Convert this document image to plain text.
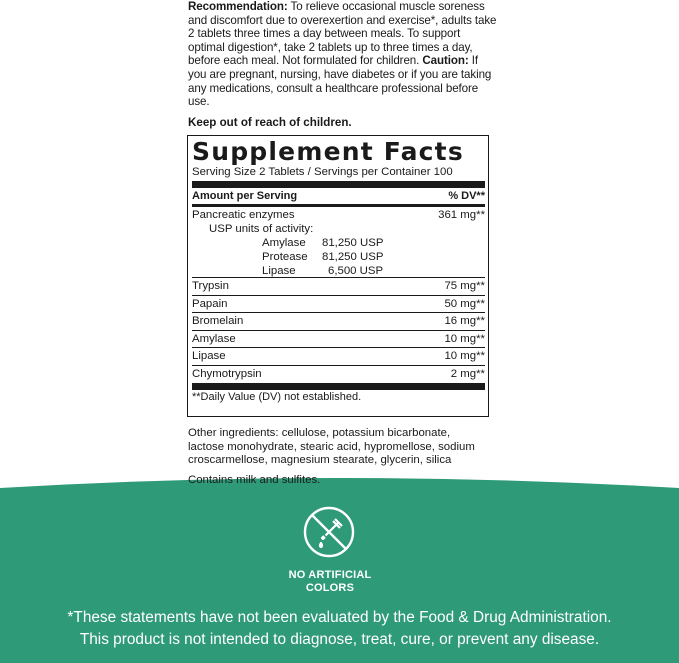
Recommendation: To relieve occasional muscle soreness and discomfort due to overexertion and exercise*, adults take 2 tablets three times a day between meals. To support optimal digestion*, take 2 tablets up to three times a day, before each meal. Not formulated for children. Caution: If you are pregnant, nursing, have diabetes or if you are taking any medications, consult a healthcare professional before use.
Keep out of reach of children.
Supplement Facts
Serving Size 2 Tablets / Servings per Container 100
Amount per Serving	% DV**
Pancreatic enzymes	361 mg**
USP units of activity:
Amylase 81,250 USP
Protease 81,250 USP
Lipase	6,500 USP
Trypsin	75 mg**
Papain	50 mg**
Bromelain	16 mg**
Amylase	10 mg**
Lipase	10 mg**
Chymotrypsin	2 mg**
**Daily Value (DV) not established.
Other ingredients: cellulose, potassium bicarbonate, lactose monohydrate, stearic acid, hypromellose, sodium croscarmellose, magnesium stearate, glycerin, silica
Contains milk and sulfites.
NO ARTIFICIAL
COLORS
*These statements have not been evaluated by the Food & Drug Administration.
This product is not intended to diagnose, treat, cure, or prevent any disease.
